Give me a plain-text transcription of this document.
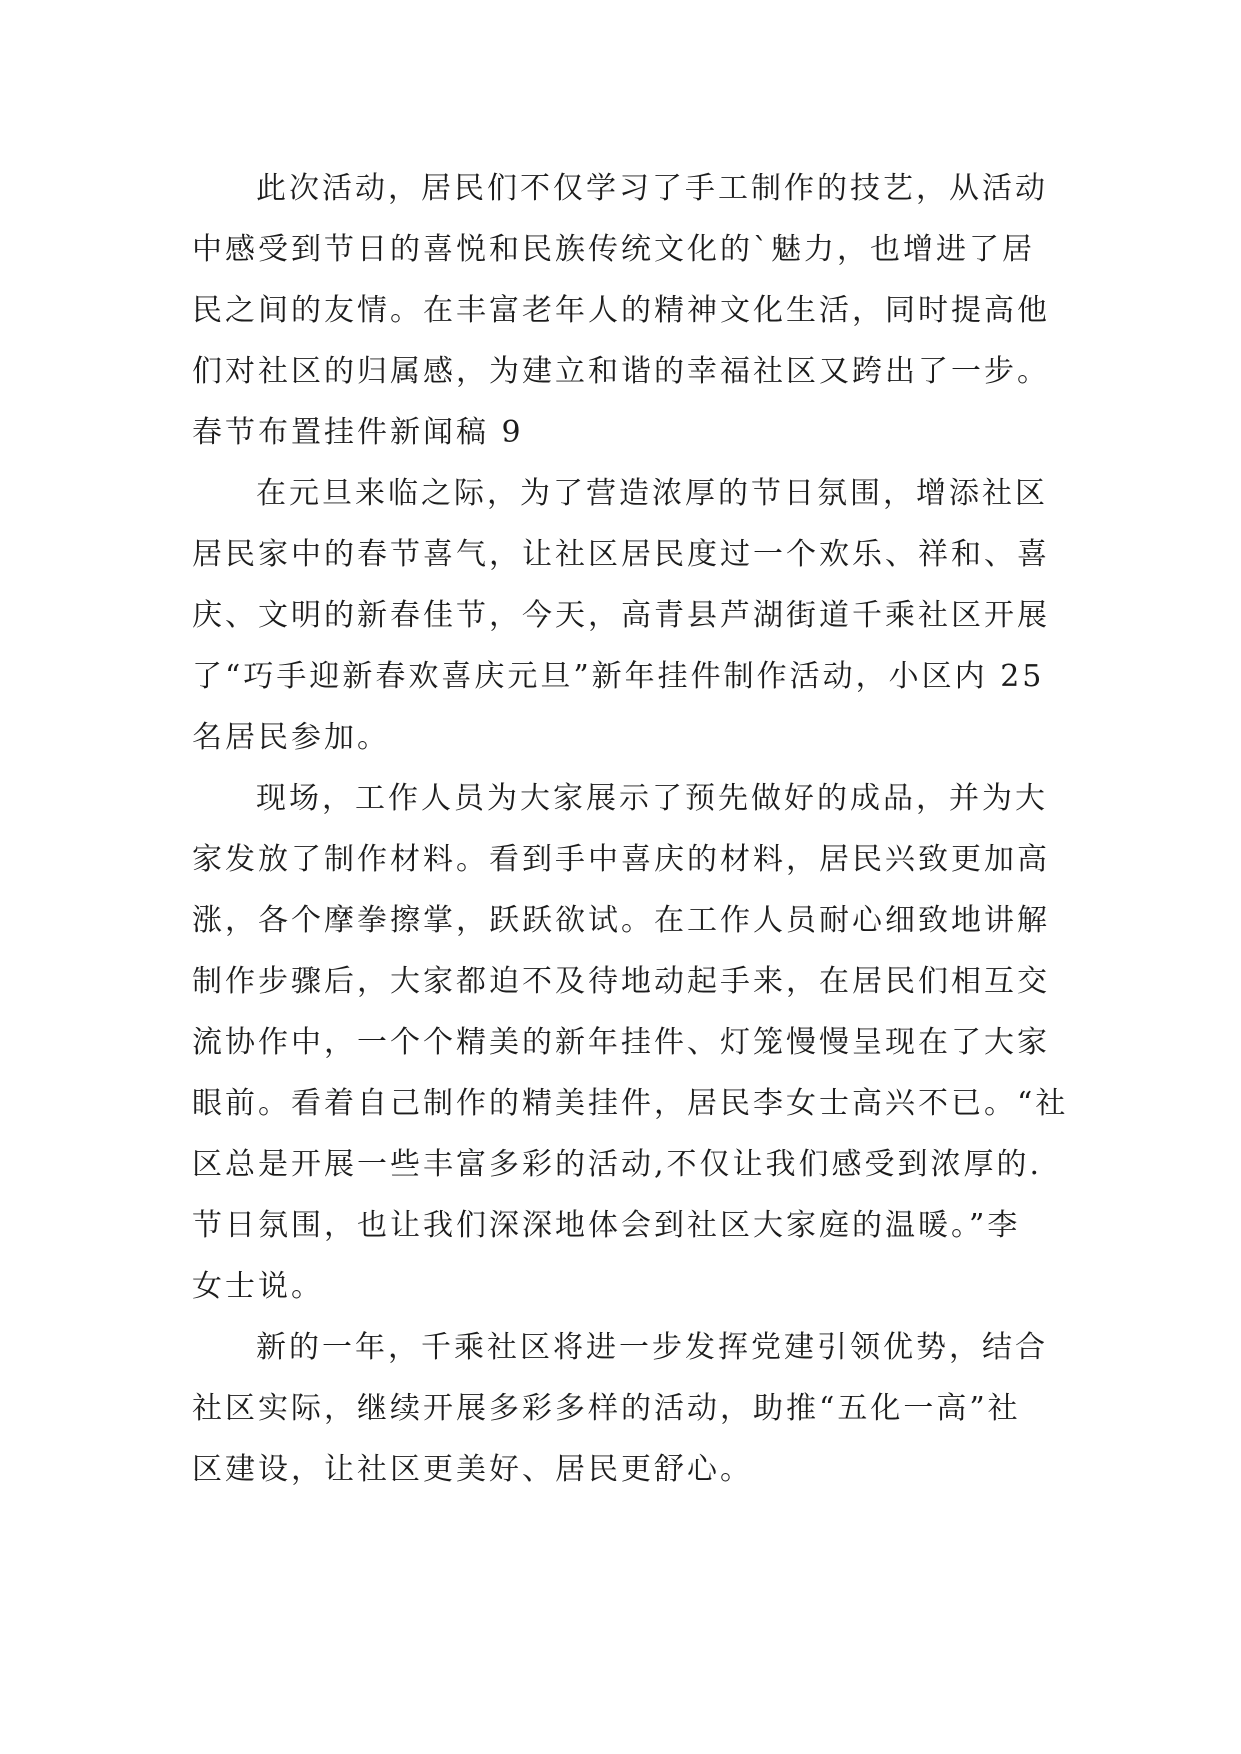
此次活动，居民们不仅学习了手工制作的技艺，从活动
中感受到节日的喜悦和民族传统文化的`魅力，也增进了居
民之间的友情。在丰富老年人的精神文化生活，同时提高他
们对社区的归属感，为建立和谐的幸福社区又跨出了一步。
春节布置挂件新闻稿 9
在元旦来临之际，为了营造浓厚的节日氛围，增添社区
居民家中的春节喜气，让社区居民度过一个欢乐、祥和、喜
庆、文明的新春佳节，今天，高青县芦湖街道千乘社区开展
了“巧手迎新春欢喜庆元旦”新年挂件制作活动，小区内 25
名居民参加。
现场，工作人员为大家展示了预先做好的成品，并为大
家发放了制作材料。看到手中喜庆的材料，居民兴致更加高
涨，各个摩拳擦掌，跃跃欲试。在工作人员耐心细致地讲解
制作步骤后，大家都迫不及待地动起手来，在居民们相互交
流协作中，一个个精美的新年挂件、灯笼慢慢呈现在了大家
眼前。看着自己制作的精美挂件，居民李女士高兴不已。“社
区总是开展一些丰富多彩的活动,不仅让我们感受到浓厚的.
节日氛围，也让我们深深地体会到社区大家庭的温暖。”李
女士说。
新的一年，千乘社区将进一步发挥党建引领优势，结合
社区实际，继续开展多彩多样的活动，助推“五化一高”社
区建设，让社区更美好、居民更舒心。
